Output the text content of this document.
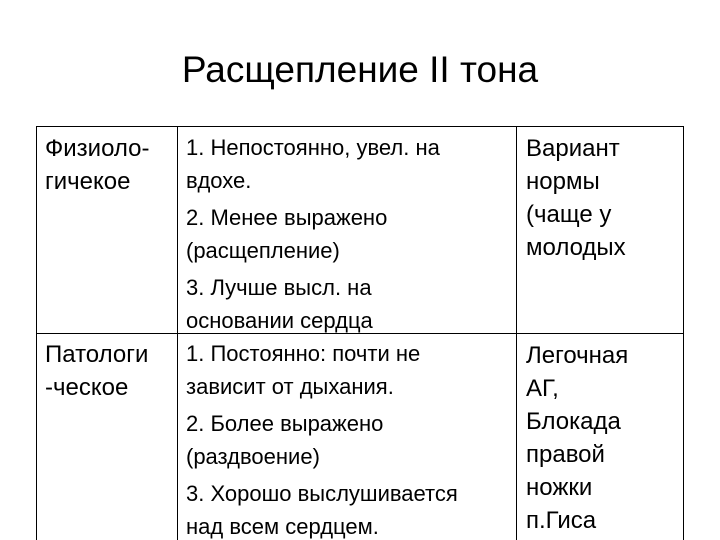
Расщепление II тона
Физиоло-
гичекое
1. Непостоянно, увел. на
вдохе.
2. Менее выражено
(расщепление)
3. Лучше высл. на
основании сердца
Вариант
нормы
(чаще у
молодых
Патологи
-ческое
1. Постоянно: почти не
зависит от дыхания.
2. Более выражено
(раздвоение)
3. Хорошо выслушивается
над всем сердцем.
Легочная
АГ,
Блокада
правой
ножки
п.Гиса
